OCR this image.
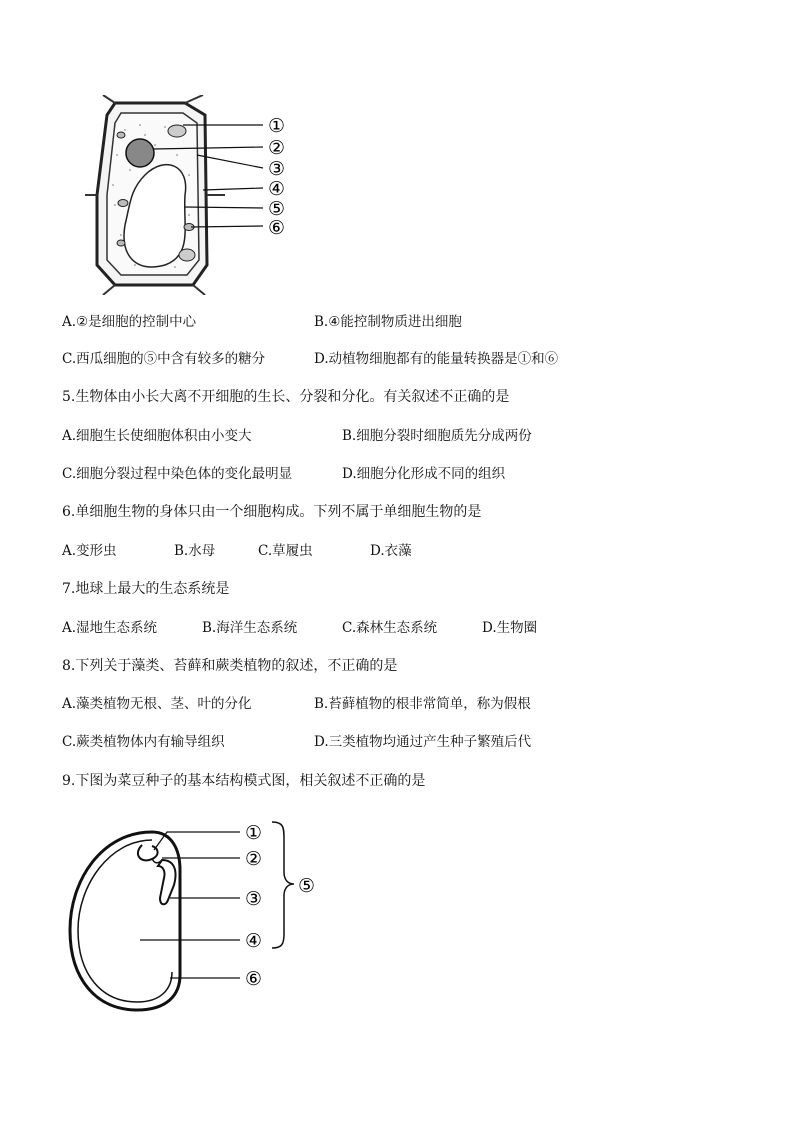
①
②
③
④
⑤
⑥
A.②是细胞的控制中心	B.④能控制物质进出细胞
C.西瓜细胞的⑤中含有较多的糖分	D.动植物细胞都有的能量转换器是①和⑥
5.生物体由小长大离不开细胞的生长、分裂和分化。有关叙述不正确的是
A.细胞生长使细胞体积由小变大	B.细胞分裂时细胞质先分成两份
C.细胞分裂过程中染色体的变化最明显	D.细胞分化形成不同的组织
6.单细胞生物的身体只由一个细胞构成。下列不属于单细胞生物的是
A.变形虫	B.水母	C.草履虫	D.衣藻
7.地球上最大的生态系统是
A.湿地生态系统	B.海洋生态系统	C.森林生态系统	D.生物圈
8.下列关于藻类、苔藓和蕨类植物的叙述，不正确的是
A.藻类植物无根、茎、叶的分化	B.苔藓植物的根非常简单，称为假根
C.蕨类植物体内有输导组织	D.三类植物均通过产生种子繁殖后代
9.下图为菜豆种子的基本结构模式图，相关叙述不正确的是
①
②
③
④
⑤
⑥
